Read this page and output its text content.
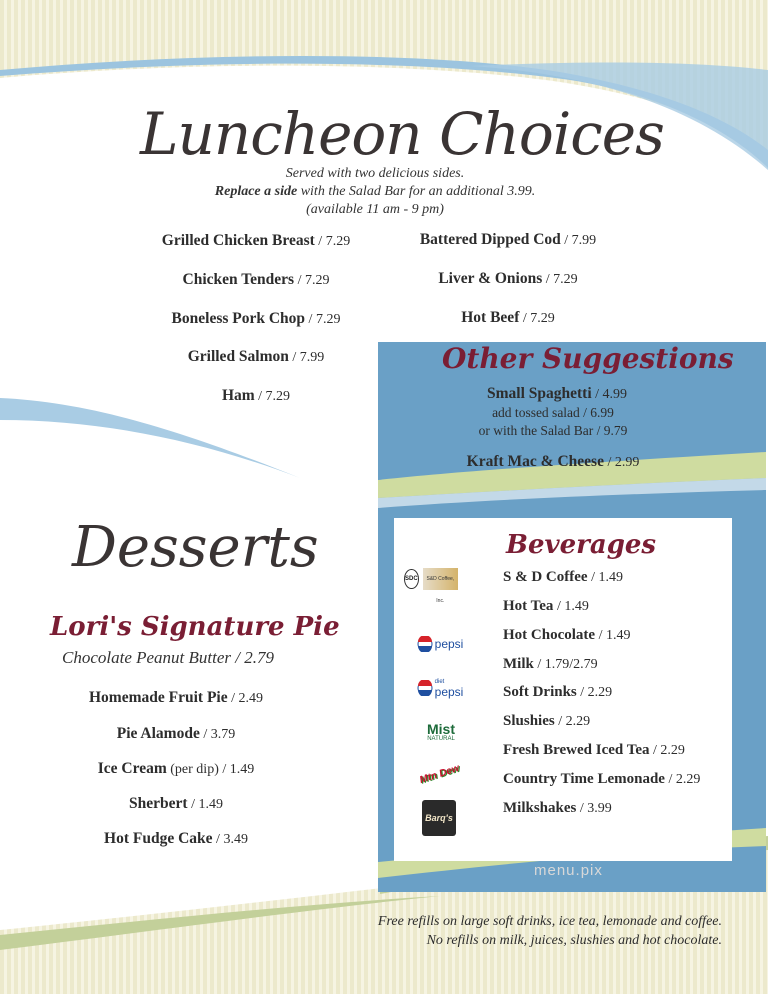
Luncheon Choices
Served with two delicious sides.
Replace a side with the Salad Bar for an additional 3.99.
(available 11 am - 9 pm)
Grilled Chicken Breast / 7.29
Chicken Tenders / 7.29
Boneless Pork Chop / 7.29
Grilled Salmon / 7.99
Ham / 7.29
Battered Dipped Cod / 7.99
Liver & Onions / 7.29
Hot Beef / 7.29
Other Suggestions
Small Spaghetti / 4.99
add tossed salad / 6.99
or with the Salad Bar / 9.79
Kraft Mac & Cheese / 2.99
Desserts
Lori's Signature Pie
Chocolate Peanut Butter / 2.79
Homemade Fruit Pie / 2.49
Pie Alamode / 3.79
Ice Cream (per dip) / 1.49
Sherbert / 1.49
Hot Fudge Cake / 3.49
Beverages
S & D Coffee / 1.49
Hot Tea / 1.49
Hot Chocolate / 1.49
Milk / 1.79/2.79
Soft Drinks / 2.29
Slushies / 2.29
Fresh Brewed Iced Tea / 2.29
Country Time Lemonade / 2.29
Milkshakes / 3.99
SDC	S&D Coffee, Inc.
pepsi
diet
pepsi
Mist
NATURAL
Mtn Dew
Barq's
Free refills on large soft drinks, ice tea, lemonade and coffee.
No refills on milk, juices, slushies and hot chocolate.
menu.pix
